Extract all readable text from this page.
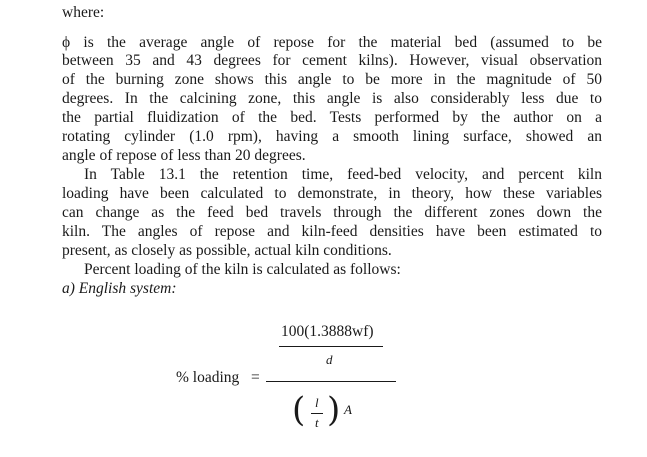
where:
ϕ is the average angle of repose for the material bed (assumed to be
between 35 and 43 degrees for cement kilns). However, visual observation
of the burning zone shows this angle to be more in the magnitude of 50
degrees. In the calcining zone, this angle is also considerably less due to
the partial fluidization of the bed. Tests performed by the author on a
rotating cylinder (1.0 rpm), having a smooth lining surface, showed an
angle of repose of less than 20 degrees.
In Table 13.1 the retention time, feed-bed velocity, and percent kiln
loading have been calculated to demonstrate, in theory, how these variables
can change as the feed bed travels through the different zones down the
kiln. The angles of repose and kiln-feed densities have been estimated to
present, as closely as possible, actual kiln conditions.
Percent loading of the kiln is calculated as follows:
a) English system:
100(1.3888wf)
d
% loading =
( l
t ) A
